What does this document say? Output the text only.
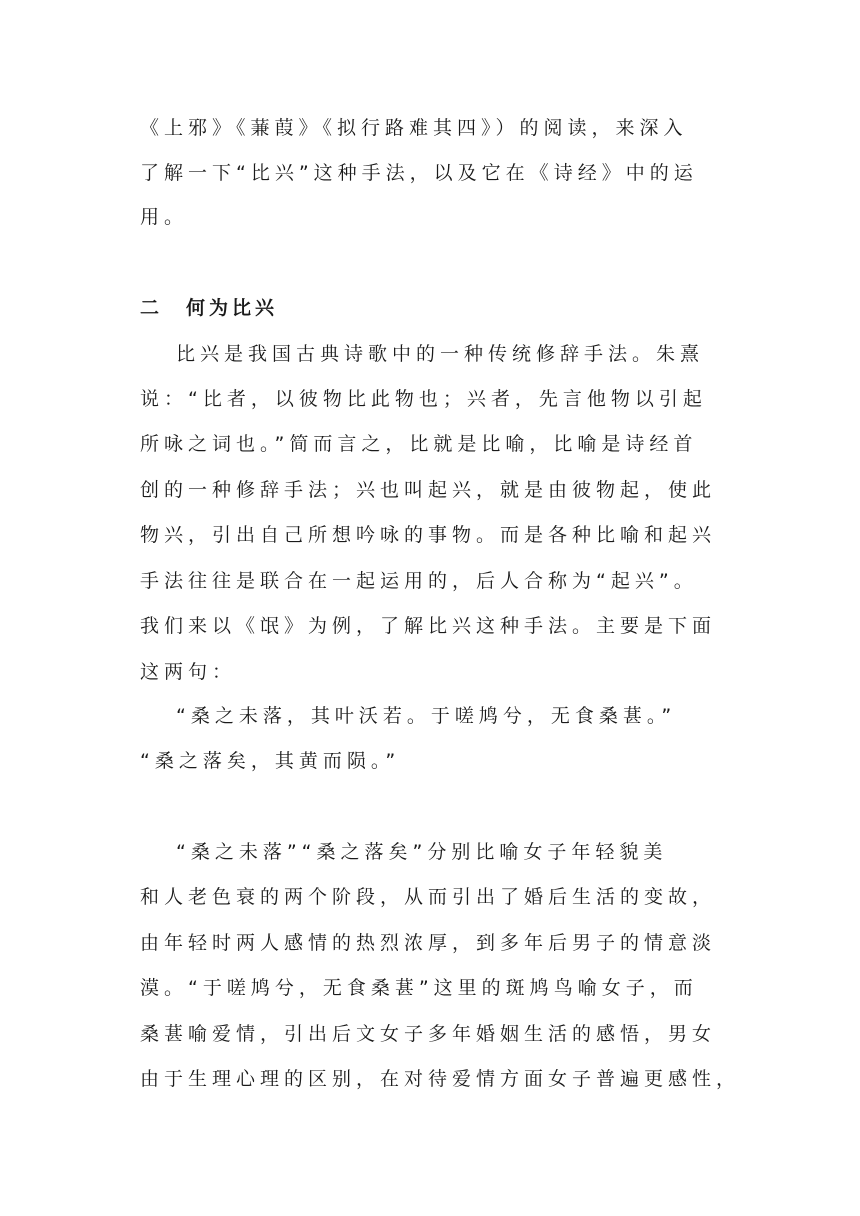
《上邪》《蒹葭》《拟行路难其四》）的阅读，来深入
了解一下“比兴”这种手法，以及它在《诗经》中的运
用。
二　何为比兴
比兴是我国古典诗歌中的一种传统修辞手法。朱熹
说：“比者，以彼物比此物也；兴者，先言他物以引起
所咏之词也。”简而言之，比就是比喻，比喻是诗经首
创的一种修辞手法；兴也叫起兴，就是由彼物起，使此
物兴，引出自己所想吟咏的事物。而是各种比喻和起兴
手法往往是联合在一起运用的，后人合称为“起兴”。
我们来以《氓》为例，了解比兴这种手法。主要是下面
这两句：
“桑之未落，其叶沃若。于嗟鸠兮，无食桑葚。”
“桑之落矣，其黄而陨。”
“桑之未落”“桑之落矣”分别比喻女子年轻貌美
和人老色衰的两个阶段，从而引出了婚后生活的变故，
由年轻时两人感情的热烈浓厚，到多年后男子的情意淡
漠。“于嗟鸠兮，无食桑葚”这里的斑鸠鸟喻女子，而
桑葚喻爱情，引出后文女子多年婚姻生活的感悟，男女
由于生理心理的区别，在对待爱情方面女子普遍更感性，
